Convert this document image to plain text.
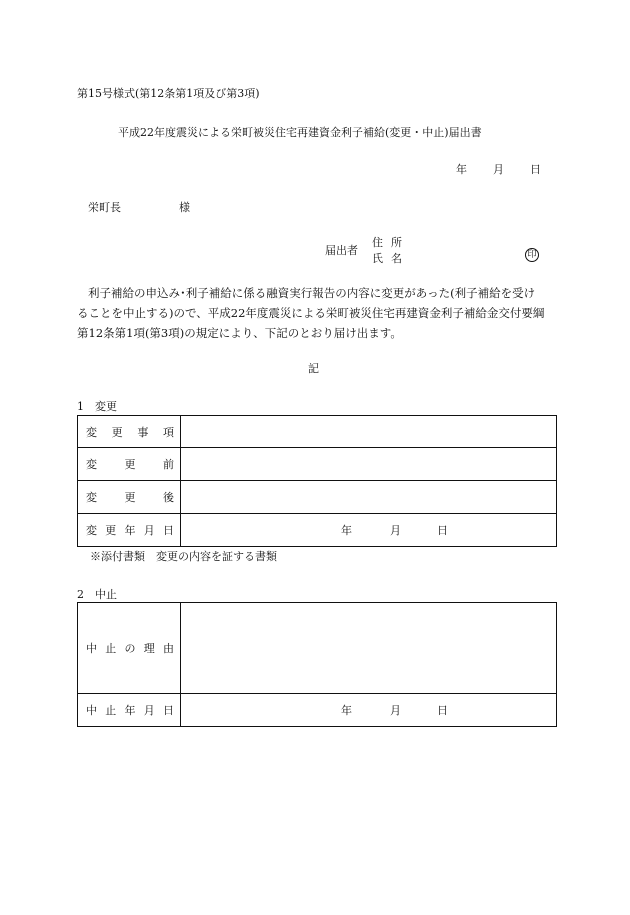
第15号様式(第12条第1項及び第3項)
平成22年度震災による栄町被災住宅再建資金利子補給(変更・中止)届出書
年 月 日
栄町長	様
届出者
住所
氏名	印

利子補給の申込み･利子補給に係る融資実行報告の内容に変更があった(利子補給を受け

ることを中止する)ので、平成22年度震災による栄町被災住宅再建資金利子補給金交付要綱

第12条第1項(第3項)の規定により、下記のとおり届け出ます。

記
1　変更
変 更 事 項	

変 更 前	

変 更 後	

変 更 年 月 日	年 月 日
※添付書類　変更の内容を証する書類
2　中止
中 止 の 理 由	

中 止 年 月 日	年 月 日
